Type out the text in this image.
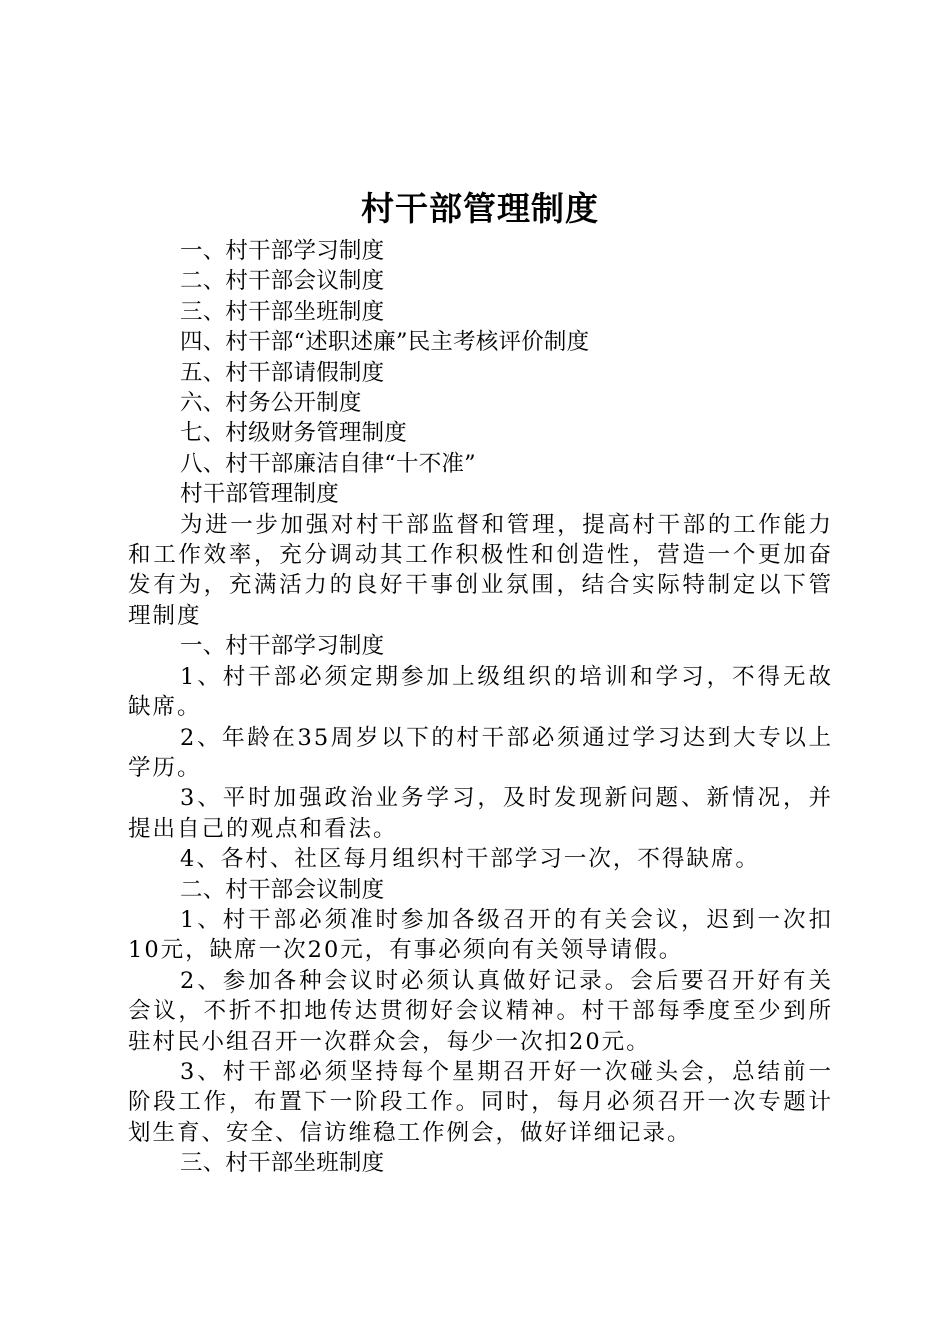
村干部管理制度

一、村干部学习制度

二、村干部会议制度

三、村干部坐班制度

四、村干部“述职述廉”民主考核评价制度

五、村干部请假制度

六、村务公开制度

七、村级财务管理制度

八、村干部廉洁自律“十不准”

村干部管理制度

为进一步加强对村干部监督和管理，提高村干部的工作能力和工作效率，充分调动其工作积极性和创造性，营造一个更加奋发有为，充满活力的良好干事创业氛围，结合实际特制定以下管理制度

一、村干部学习制度

1、村干部必须定期参加上级组织的培训和学习，不得无故缺席。

2、年龄在35周岁以下的村干部必须通过学习达到大专以上学历。

3、平时加强政治业务学习，及时发现新问题、新情况，并提出自己的观点和看法。

4、各村、社区每月组织村干部学习一次，不得缺席。

二、村干部会议制度

1、村干部必须准时参加各级召开的有关会议，迟到一次扣10元，缺席一次20元，有事必须向有关领导请假。

2、参加各种会议时必须认真做好记录。会后要召开好有关会议，不折不扣地传达贯彻好会议精神。村干部每季度至少到所驻村民小组召开一次群众会，每少一次扣20元。

3、村干部必须坚持每个星期召开好一次碰头会，总结前一阶段工作，布置下一阶段工作。同时，每月必须召开一次专题计划生育、安全、信访维稳工作例会，做好详细记录。

三、村干部坐班制度
